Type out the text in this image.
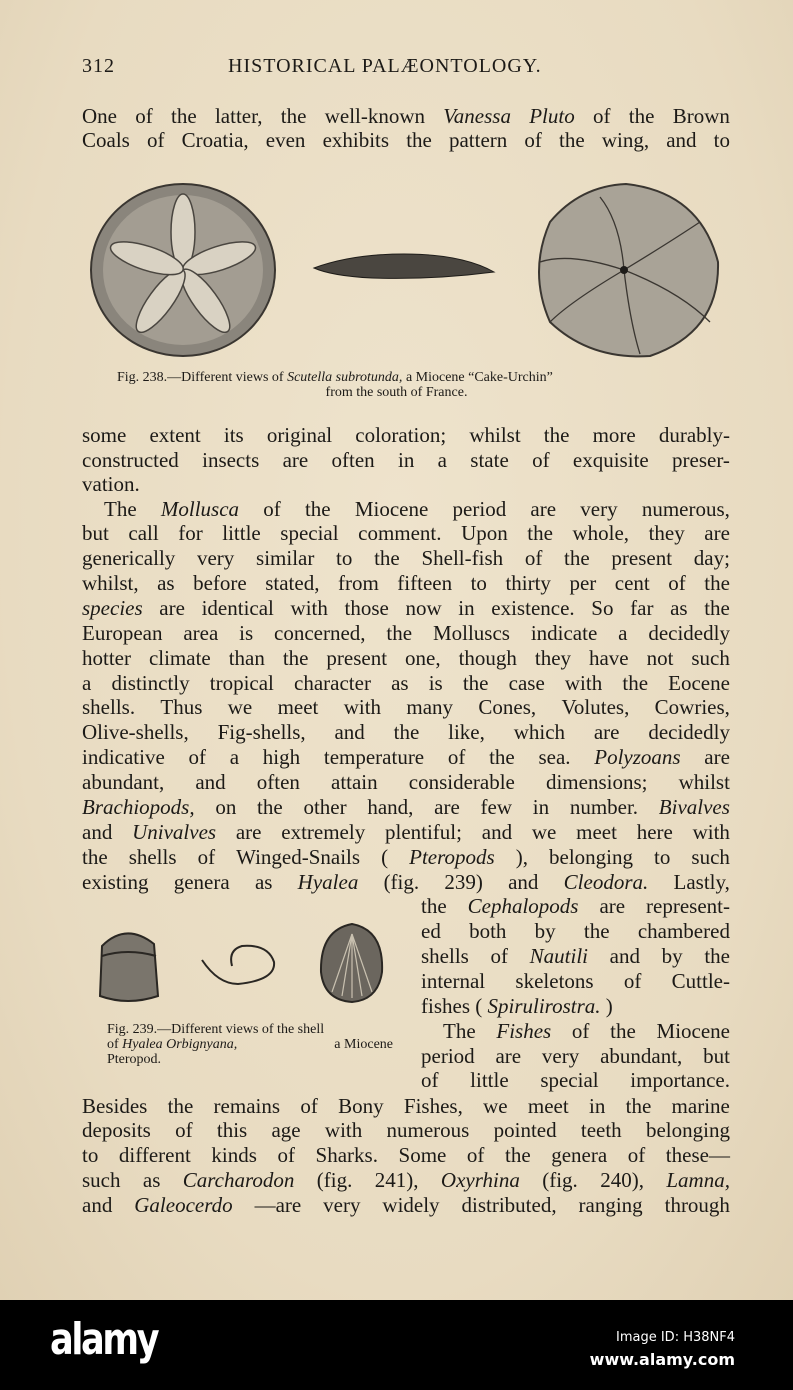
312	HISTORICAL PALÆONTOLOGY.
One of the latter, the well-known Vanessa Pluto of the Brown
Coals of Croatia, even exhibits the pattern of the wing, and to
Fig. 238.—Different views of Scutella subrotunda, a Miocene “Cake-Urchin”
from the south of France.
some extent its original coloration; whilst the more durably-
constructed insects are often in a state of exquisite preser-
vation.
The Mollusca of the Miocene period are very numerous,
but call for little special comment. Upon the whole, they are
generically very similar to the Shell-fish of the present day;
whilst, as before stated, from fifteen to thirty per cent of the
species are identical with those now in existence. So far as the
European area is concerned, the Molluscs indicate a decidedly
hotter climate than the present one, though they have not such
a distinctly tropical character as is the case with the Eocene
shells. Thus we meet with many Cones, Volutes, Cowries,
Olive-shells, Fig-shells, and the like, which are decidedly
indicative of a high temperature of the sea. Polyzoans are
abundant, and often attain considerable dimensions; whilst
Brachiopods, on the other hand, are few in number. Bivalves
and Univalves are extremely plentiful; and we meet here with
the shells of Winged-Snails ( Pteropods ), belonging to such
existing genera as Hyalea (fig. 239) and Cleodora. Lastly,
Fig. 239.—Different views of the shell
of Hyalea Orbignyana,	a Miocene
Pteropod.
the Cephalopods are represent-
ed both by the chambered
shells of Nautili and by the
internal skeletons of Cuttle-
fishes ( Spirulirostra. )
The Fishes of the Miocene
period are very abundant, but
of little special importance.
Besides the remains of Bony Fishes, we meet in the marine
deposits of this age with numerous pointed teeth belonging
to different kinds of Sharks. Some of the genera of these—
such as Carcharodon (fig. 241), Oxyrhina (fig. 240), Lamna,
and Galeocerdo —are very widely distributed, ranging through
alamy	Image ID: H38NF4
www.alamy.com
